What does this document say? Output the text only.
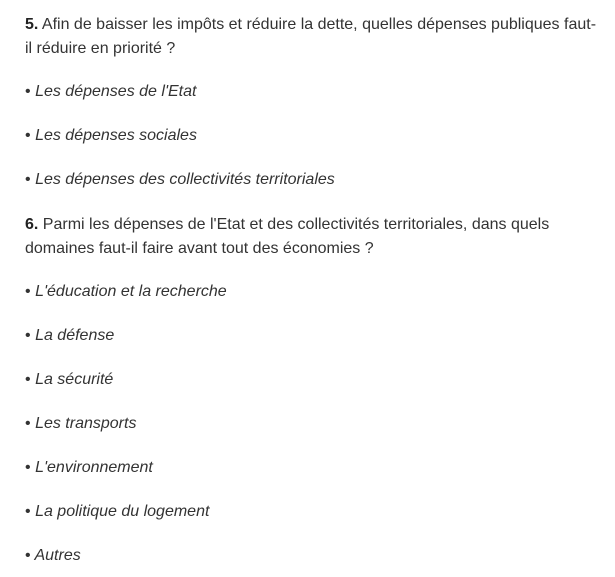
5. Afin de baisser les impôts et réduire la dette, quelles dépenses publiques faut-il réduire en priorité ?

• Les dépenses de l'Etat

• Les dépenses sociales

• Les dépenses des collectivités territoriales

6. Parmi les dépenses de l'Etat et des collectivités territoriales, dans quels domaines faut-il faire avant tout des économies ?

• L'éducation et la recherche

• La défense

• La sécurité

• Les transports

• L'environnement

• La politique du logement

• Autres
